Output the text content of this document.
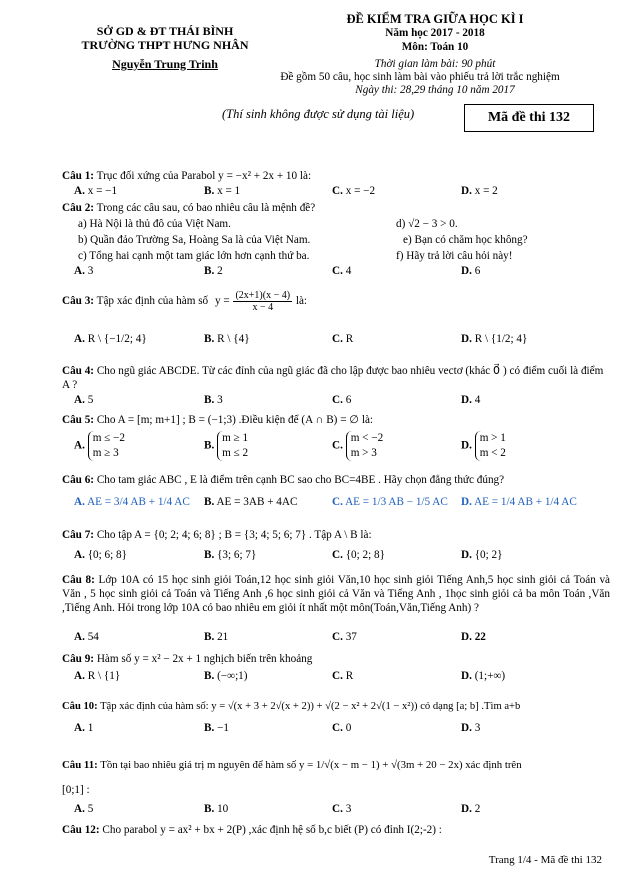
SỞ GD & ĐT THÁI BÌNH
TRƯỜNG THPT HƯNG NHÂN
Nguyễn Trung Trinh
ĐỀ KIỂM TRA GIỮA HỌC KÌ I
Năm học 2017 - 2018
Môn: Toán 10
Thời gian làm bài: 90 phút
Đề gồm 50 câu, học sinh làm bài vào phiếu trả lời trắc nghiệm
Ngày thi: 28,29 tháng 10 năm 2017
(Thí sinh không được sử dụng tài liệu)	Mã đề thi 132
Câu 1: Trục đối xứng của Parabol y = −x² + 2x + 10 là:
A. x = −1	B. x = 1	C. x = −2	D. x = 2
Câu 2: Trong các câu sau, có bao nhiêu câu là mệnh đề?
a) Hà Nội là thủ đô của Việt Nam.	d) √2 − 3 > 0.
b) Quần đảo Trường Sa, Hoàng Sa là của Việt Nam.	e) Bạn có chăm học không?
c) Tổng hai cạnh một tam giác lớn hơn cạnh thứ ba.	f) Hãy trả lời câu hỏi này!
A. 3	B. 2	C. 4	D. 6
Câu 3: Tập xác định của hàm số $y = \frac{(2x+1)(x - 4)}{x - 4}$ là:
A. R \ {−1/2; 4}	B. R \ {4}	C. R	D. R \ {1/2; 4}
Câu 4: Cho ngũ giác ABCDE. Từ các đỉnh của ngũ giác đã cho lập được bao nhiêu vectơ (khác 0⃗ ) có điểm cuối là điểm A ?
A. 5	B. 3	C. 6	D. 4
Câu 5: Cho A = [m; m+1] ; B = (−1;3) .Điều kiện để (A ∩ B) = ∅ là:
A.
m ≤ −2
m ≥ 3
B.
m ≥ 1
m ≤ 2
C.
m < −2
m > 3
D.
m > 1
m < 2
Câu 6: Cho tam giác ABC , E là điểm trên cạnh BC sao cho BC=4BE . Hãy chọn đẳng thức đúng?
A. AE = 3/4 AB + 1/4 AC B. AE = 3AB + 4AC	C. AE = 1/3 AB − 1/5 AC D. AE = 1/4 AB + 1/4 AC
Câu 7: Cho tập A = {0; 2; 4; 6; 8} ; B = {3; 4; 5; 6; 7} . Tập A \ B là:
A. {0; 6; 8}	B. {3; 6; 7}	C. {0; 2; 8}	D. {0; 2}
Câu 8: Lớp 10A có 15 học sinh giỏi Toán,12 học sinh giỏi Văn,10 học sinh giỏi Tiếng Anh,5 học sinh giỏi cả Toán và Văn , 5 học sinh giỏi cả Toán và Tiếng Anh ,6 học sinh giỏi cả Văn và Tiếng Anh , 1học sinh giỏi cả ba môn Toán ,Văn ,Tiếng Anh. Hỏi trong lớp 10A có bao nhiêu em giỏi ít nhất một môn(Toán,Văn,Tiếng Anh) ?
A. 54	B. 21	C. 37	D. 22
Câu 9: Hàm số y = x² − 2x + 1 nghịch biến trên khoảng
A. R \ {1}	B. (−∞;1)	C. R	D. (1;+∞)
Câu 10: Tập xác định của hàm số: y = √(x + 3 + 2√(x + 2)) + √(2 − x² + 2√(1 − x²)) có dạng [a; b] .Tìm a+b
A. 1	B. −1	C. 0	D. 3
Câu 11: Tồn tại bao nhiêu giá trị m nguyên để hàm số y = 1/√(x − m − 1) + √(3m + 20 − 2x) xác định trên
[0;1] :
A. 5	B. 10	C. 3	D. 2
Câu 12: Cho parabol y = ax² + bx + 2(P) ,xác định hệ số b,c biết (P) có đỉnh I(2;-2) :
Trang 1/4 - Mã đề thi 132
